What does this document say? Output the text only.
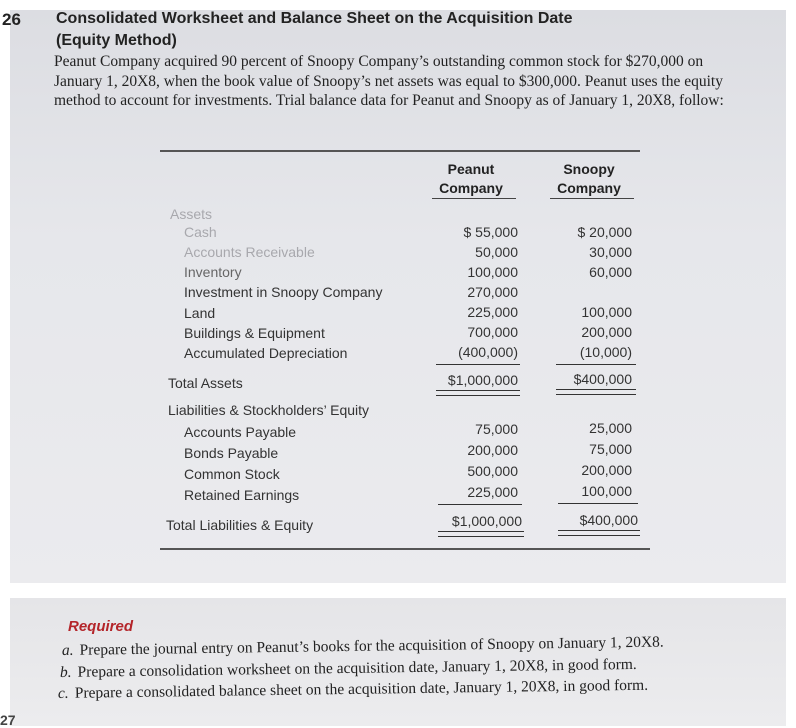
26 Consolidated Worksheet and Balance Sheet on the Acquisition Date
(Equity Method)
Peanut Company acquired 90 percent of Snoopy Company’s outstanding common stock for $270,000 on January 1, 20X8, when the book value of Snoopy’s net assets was equal to $300,000. Peanut uses the equity method to account for investments. Trial balance data for Peanut and Snoopy as of January 1, 20X8, follow:
Peanut Company
Snoopy Company
Assets
Cash	$ 55,000	$ 20,000
Accounts Receivable	50,000	30,000
Inventory	100,000	60,000
Investment in Snoopy Company	270,000
Land	225,000	100,000
Buildings & Equipment	700,000	200,000
Accumulated Depreciation	(400,000)	(10,000)
Total Assets	$1,000,000	$400,000
Liabilities & Stockholders’ Equity
Accounts Payable	75,000	25,000
Bonds Payable	200,000	75,000
Common Stock	500,000	200,000
Retained Earnings	225,000	100,000
Total Liabilities & Equity	$1,000,000	$400,000
Required
a. Prepare the journal entry on Peanut’s books for the acquisition of Snoopy on January 1, 20X8.
b. Prepare a consolidation worksheet on the acquisition date, January 1, 20X8, in good form.
c. Prepare a consolidated balance sheet on the acquisition date, January 1, 20X8, in good form.
27
